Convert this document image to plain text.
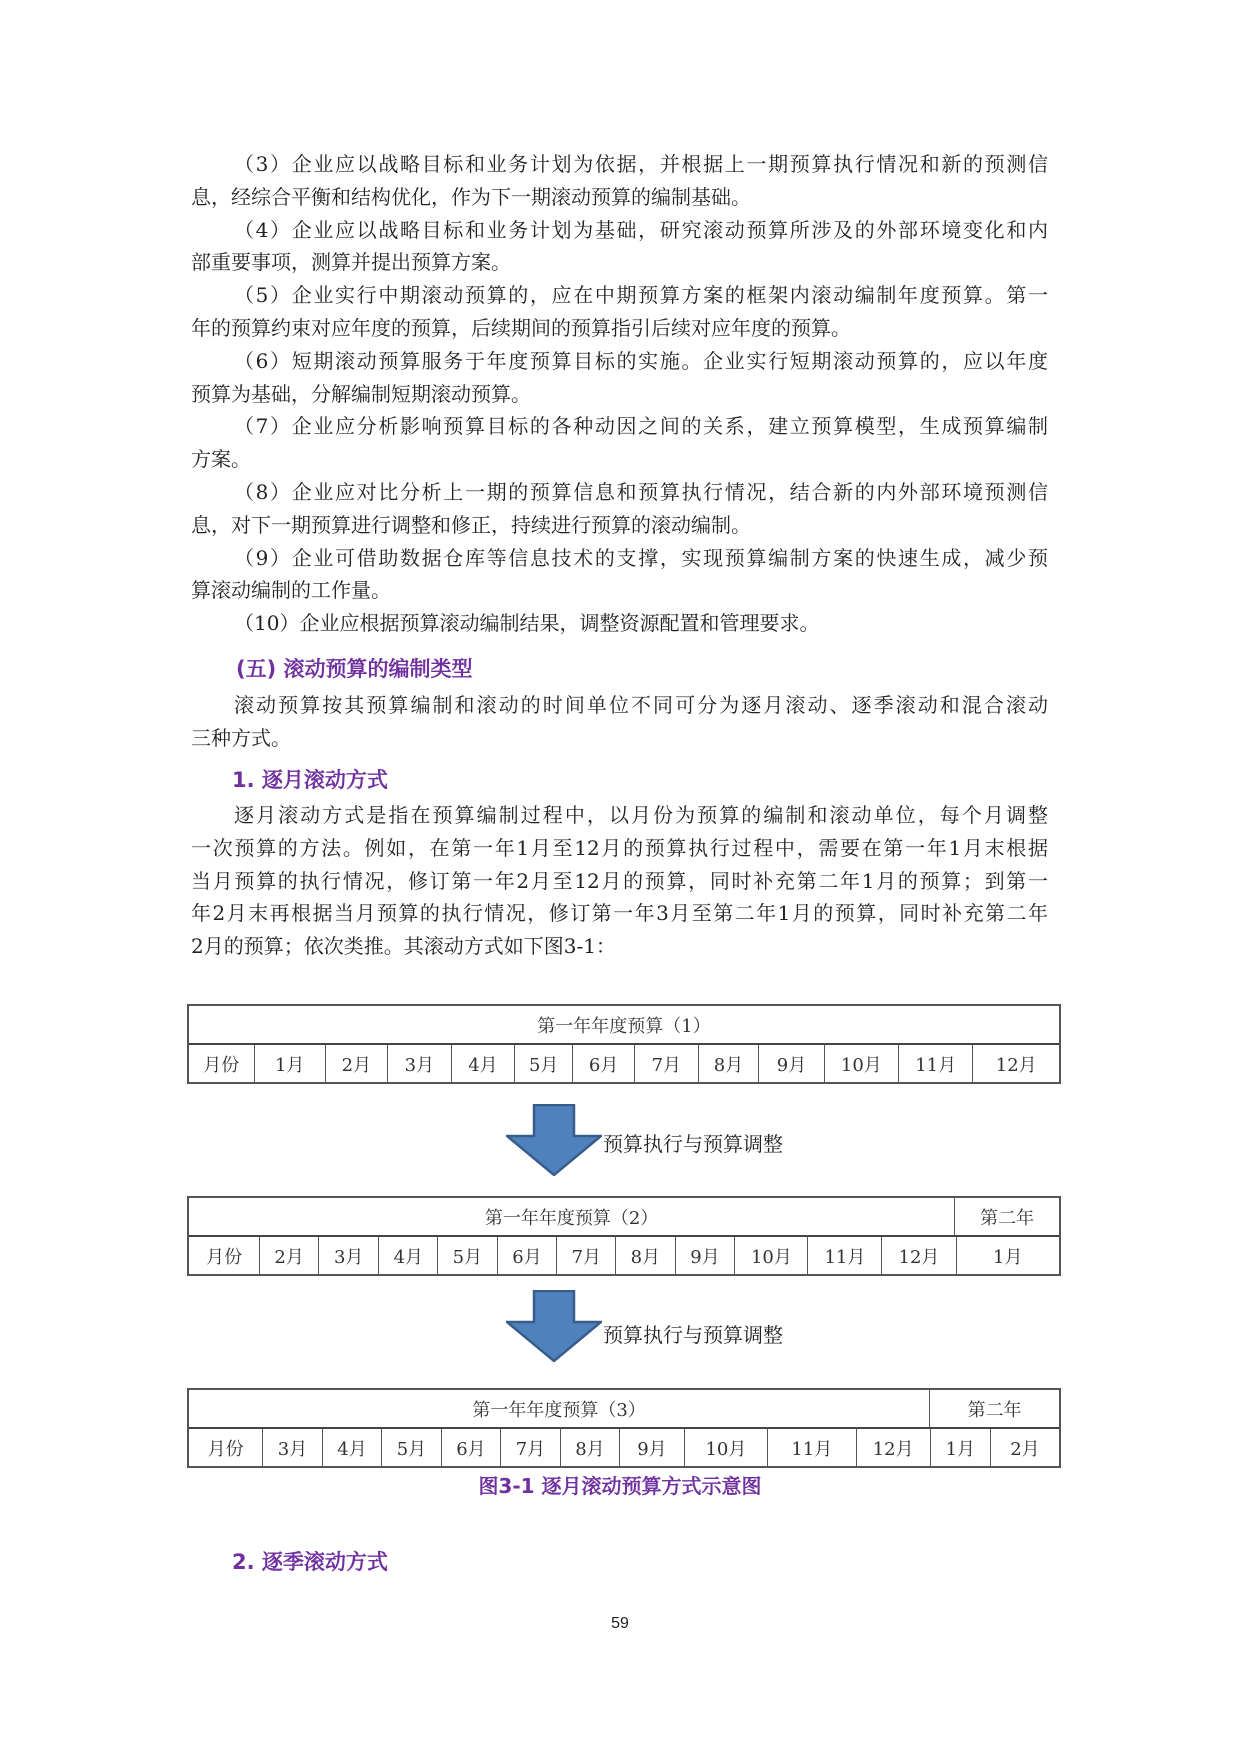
（3）企业应以战略目标和业务计划为依据，并根据上一期预算执行情况和新的预测信
息，经综合平衡和结构优化，作为下一期滚动预算的编制基础。
（4）企业应以战略目标和业务计划为基础，研究滚动预算所涉及的外部环境变化和内
部重要事项，测算并提出预算方案。
（5）企业实行中期滚动预算的，应在中期预算方案的框架内滚动编制年度预算。第一
年的预算约束对应年度的预算，后续期间的预算指引后续对应年度的预算。
（6）短期滚动预算服务于年度预算目标的实施。企业实行短期滚动预算的，应以年度
预算为基础，分解编制短期滚动预算。
（7）企业应分析影响预算目标的各种动因之间的关系，建立预算模型，生成预算编制
方案。
（8）企业应对比分析上一期的预算信息和预算执行情况，结合新的内外部环境预测信
息，对下一期预算进行调整和修正，持续进行预算的滚动编制。
（9）企业可借助数据仓库等信息技术的支撑，实现预算编制方案的快速生成，减少预
算滚动编制的工作量。
（10）企业应根据预算滚动编制结果，调整资源配置和管理要求。
(五) 滚动预算的编制类型
滚动预算按其预算编制和滚动的时间单位不同可分为逐月滚动、逐季滚动和混合滚动
三种方式。
1. 逐月滚动方式
逐月滚动方式是指在预算编制过程中，以月份为预算的编制和滚动单位，每个月调整
一次预算的方法。例如，在第一年1月至12月的预算执行过程中，需要在第一年1月末根据
当月预算的执行情况，修订第一年2月至12月的预算，同时补充第二年1月的预算；到第一
年2月末再根据当月预算的执行情况，修订第一年3月至第二年1月的预算，同时补充第二年
2月的预算；依次类推。其滚动方式如下图3-1：
第一年年度预算（1）
月份	1月	2月	3月	4月	5月	6月	7月	8月	9月	10月	11月	12月
预算执行与预算调整
第一年年度预算（2）	第二年
月份	2月	3月	4月	5月	6月	7月	8月	9月	10月	11月	12月	1月
预算执行与预算调整
第一年年度预算（3）	第二年
月份	3月	4月	5月	6月	7月	8月	9月	10月	11月	12月	1月	2月
图3-1 逐月滚动预算方式示意图
2. 逐季滚动方式
59
